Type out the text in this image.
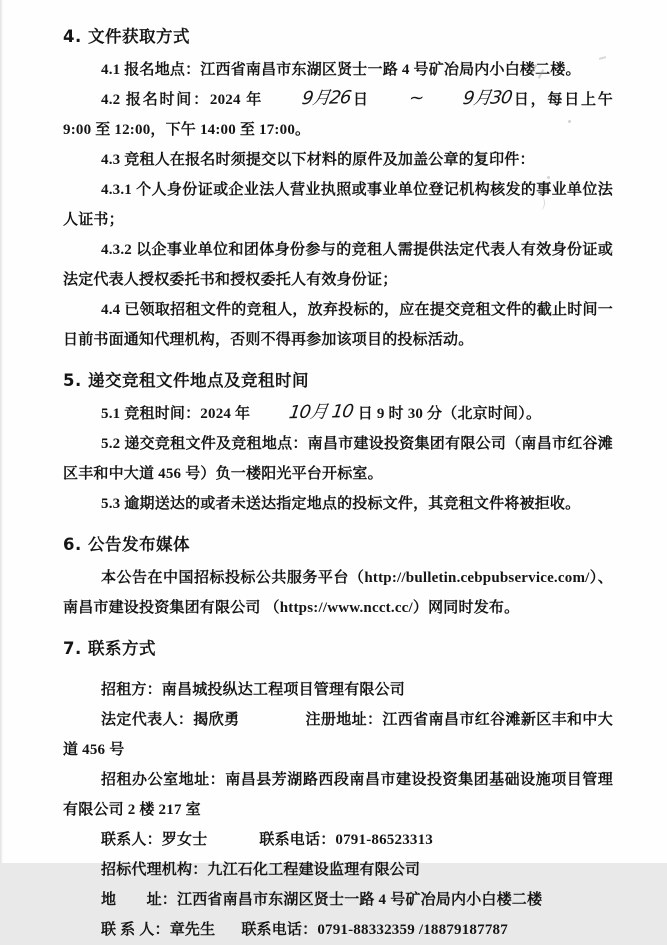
4. 文件获取方式

4.1 报名地点：江西省南昌市东湖区贤士一路 4 号矿冶局内小白楼二楼。

4.2 报名时间：2024 年 9月26日 ~ 9月30日，每日上午 9:00 至 12:00，下午 14:00 至 17:00。

4.3 竞租人在报名时须提交以下材料的原件及加盖公章的复印件：

4.3.1 个人身份证或企业法人营业执照或事业单位登记机构核发的事业单位法人证书；

4.3.2 以企事业单位和团体身份参与的竞租人需提供法定代表人有效身份证或法定代表人授权委托书和授权委托人有效身份证；

4.4 已领取招租文件的竞租人，放弃投标的，应在提交竞租文件的截止时间一日前书面通知代理机构，否则不得再参加该项目的投标活动。

5. 递交竞租文件地点及竞租时间

5.1 竞租时间：2024 年 10月 10 日 9 时 30 分（北京时间）。

5.2 递交竞租文件及竞租地点：南昌市建设投资集团有限公司（南昌市红谷滩区丰和中大道 456 号）负一楼阳光平台开标室。

5.3 逾期送达的或者未送达指定地点的投标文件，其竞租文件将被拒收。

6. 公告发布媒体

本公告在中国招标投标公共服务平台（http://bulletin.cebpubservice.com/）、 南昌市建设投资集团有限公司 （https://www.ncct.cc/）网同时发布。

7. 联系方式

招租方：南昌城投纵达工程项目管理有限公司

法定代表人：揭欣勇	注册地址：江西省南昌市红谷滩新区丰和中大道 456 号

招租办公室地址：南昌县芳湖路西段南昌市建设投资集团基础设施项目管理有限公司 2 楼 217 室

联系人：罗女士	联系电话：0791-86523313

招标代理机构：九江石化工程建设监理有限公司

地　　址：江西省南昌市东湖区贤士一路 4 号矿冶局内小白楼二楼

联 系 人：章先生 联系电话：0791-88332359 /18879187787
